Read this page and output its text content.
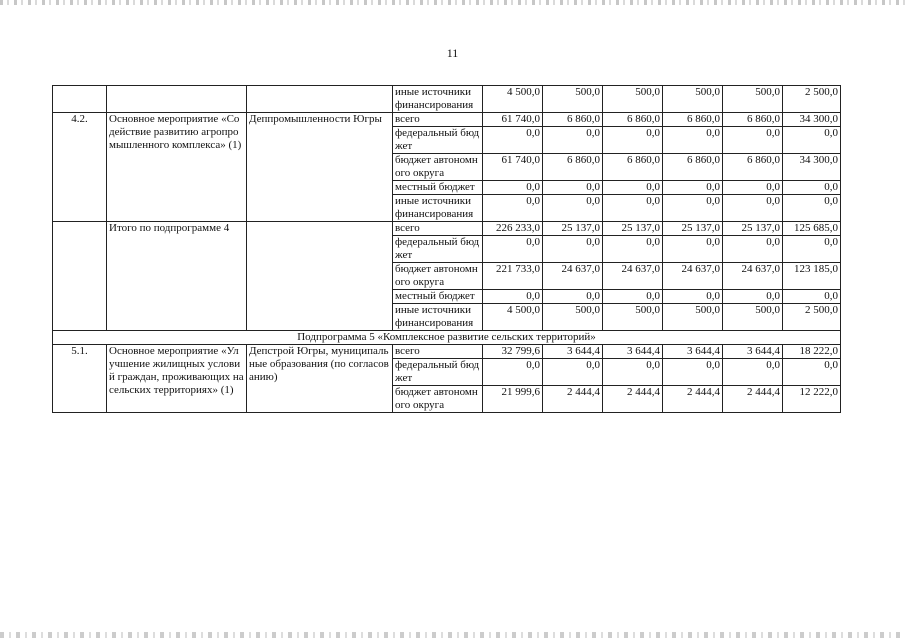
11
			иные источники финансирования	4 500,0	500,0	500,0	500,0	500,0	2 500,0
4.2.	Основное мероприятие «Содействие развитию агропромышленного комплекса» (1)	Деппромышленности Югры	всего	61 740,0	6 860,0	6 860,0	6 860,0	6 860,0	34 300,0
			федеральный бюджет	0,0	0,0	0,0	0,0	0,0	0,0
			бюджет автономного округа	61 740,0	6 860,0	6 860,0	6 860,0	6 860,0	34 300,0
			местный бюджет	0,0	0,0	0,0	0,0	0,0	0,0
			иные источники финансирования	0,0	0,0	0,0	0,0	0,0	0,0
	Итого по подпрограмме 4		всего	226 233,0	25 137,0	25 137,0	25 137,0	25 137,0	125 685,0
			федеральный бюджет	0,0	0,0	0,0	0,0	0,0	0,0
			бюджет автономного округа	221 733,0	24 637,0	24 637,0	24 637,0	24 637,0	123 185,0
			местный бюджет	0,0	0,0	0,0	0,0	0,0	0,0
			иные источники финансирования	4 500,0	500,0	500,0	500,0	500,0	2 500,0
Подпрограмма 5 «Комплексное развитие сельских территорий»									
5.1.	Основное мероприятие «Улучшение жилищных условий граждан, проживающих на сельских территориях» (1)	Депстрой Югры, муниципальные образования (по согласованию)	всего	32 799,6	3 644,4	3 644,4	3 644,4	3 644,4	18 222,0
			федеральный бюджет	0,0	0,0	0,0	0,0	0,0	0,0
			бюджет автономного округа	21 999,6	2 444,4	2 444,4	2 444,4	2 444,4	12 222,0
